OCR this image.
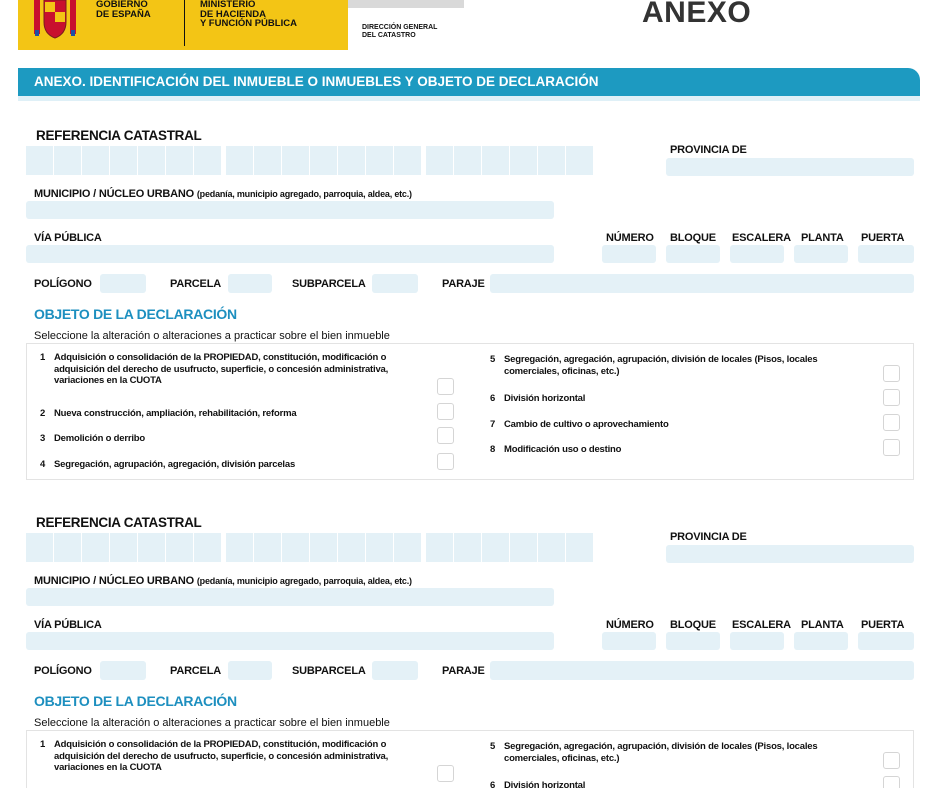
GOBIERNO
DE ESPAÑA
MINISTERIO
DE HACIENDA
Y FUNCIÓN PÚBLICA	DIRECCIÓN GENERAL
DEL CATASTRO
ANEXO
ANEXO. IDENTIFICACIÓN DEL INMUEBLE O INMUEBLES Y OBJETO DE DECLARACIÓN
REFERENCIA CATASTRAL
PROVINCIA DE
MUNICIPIO / NÚCLEO URBANO (pedanía, municipio agregado, parroquia, aldea, etc.)
VÍA PÚBLICA	NÚMERO BLOQUE ESCALERA PLANTA PUERTA
POLÍGONO	PARCELA	SUBPARCELA	PARAJE
OBJETO DE LA DECLARACIÓN
Seleccione la alteración o alteraciones a practicar sobre el bien inmueble
1 Adquisición o consolidación de la PROPIEDAD, constitución, modificación o
adquisición del derecho de usufructo, superficie, o concesión administrativa,
variaciones en la CUOTA
2 Nueva construcción, ampliación, rehabilitación, reforma
3 Demolición o derribo
4 Segregación, agrupación, agregación, división parcelas
5 Segregación, agregación, agrupación, división de locales (Pisos, locales
comerciales, oficinas, etc.)
6 División horizontal
7 Cambio de cultivo o aprovechamiento
8 Modificación uso o destino
REFERENCIA CATASTRAL
PROVINCIA DE
MUNICIPIO / NÚCLEO URBANO (pedanía, municipio agregado, parroquia, aldea, etc.)
VÍA PÚBLICA	NÚMERO BLOQUE ESCALERA PLANTA PUERTA
POLÍGONO	PARCELA	SUBPARCELA	PARAJE
OBJETO DE LA DECLARACIÓN
Seleccione la alteración o alteraciones a practicar sobre el bien inmueble
1 Adquisición o consolidación de la PROPIEDAD, constitución, modificación o
adquisición del derecho de usufructo, superficie, o concesión administrativa,
variaciones en la CUOTA
5 Segregación, agregación, agrupación, división de locales (Pisos, locales
comerciales, oficinas, etc.)
6 División horizontal
